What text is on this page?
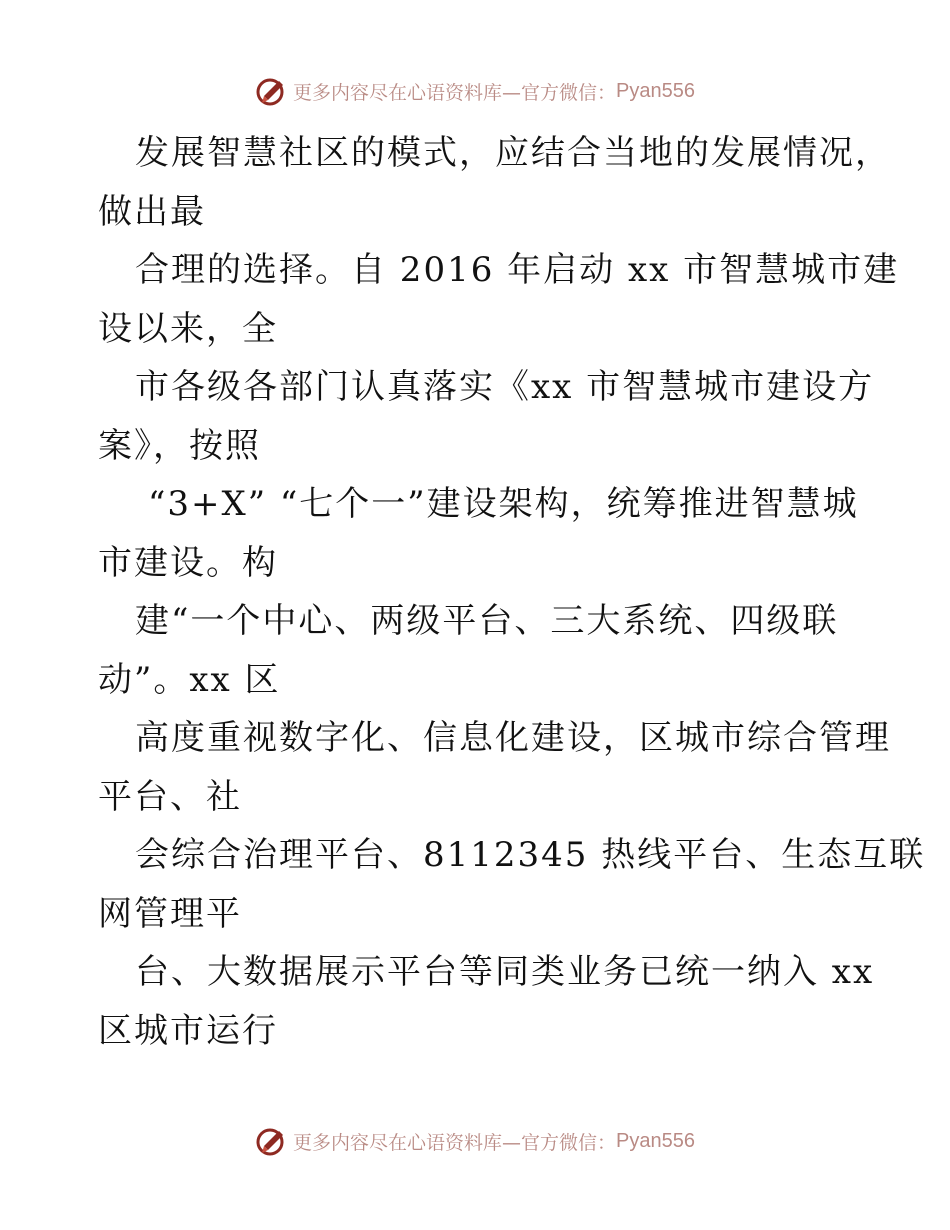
更多内容尽在心语资料库—官方微信： Pyan556
发展智慧社区的模式，应结合当地的发展情况，
做出最
合理的选择。自 2016 年启动 xx 市智慧城市建
设以来，全
市各级各部门认真落实《xx 市智慧城市建设方
案》，按照
“3+X” “七个一”建设架构，统筹推进智慧城
市建设。构
建“一个中心、两级平台、三大系统、四级联
动”。xx 区
高度重视数字化、信息化建设，区城市综合管理
平台、社
会综合治理平台、8112345 热线平台、生态互联
网管理平
台、大数据展示平台等同类业务已统一纳入 xx
区城市运行
更多内容尽在心语资料库—官方微信： Pyan556
